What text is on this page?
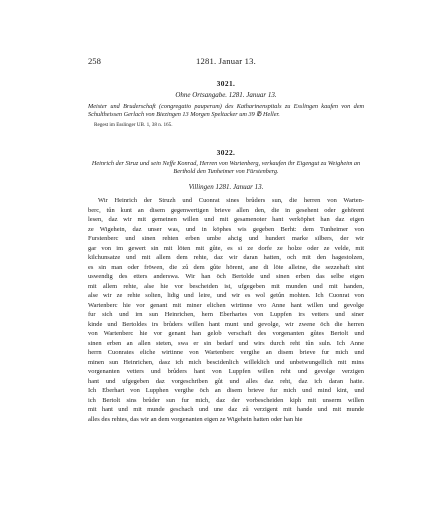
258	1281. Januar 13.
3021.
Ohne Ortsangabe. 1281. Januar 13.
Meister und Bruderschaft (congregatio pauperum) des Katharinenspitals zu Esslingen kaufen von dem Schultheissen Gerlach von Biezingen 13 Morgen Speltacker um 39 ℔ Heller.
Regest im Esslinger UB. 1, 38 n. 165.
3022.
Heinrich der Struz und sein Neffe Konrad, Herren von Wartenberg, verkaufen ihr Eigengut zu Weigheim an Berthold den Tunheimer von Fürstenberg.
Villingen 1281. Januar 13.
Wir Heinrich der Struzh und Cuonrat sines brůders sun, die herren von Warten-
berc, tůn kunt an disem gegenwertigen brieve allen den, die in gesehent oder gehörent
lesen, daz wir mit gemeinen willen und mit gesamenoter hant verköphet han daz eigen
ze Wigehein, daz unser was, und in köphes wis gegeben Berht: dem Tunheimer von
Furstenberc und sinen rehten erben umbe ahcig und hundert marke silbers, der wir
gar von im gewert sin mit löten mit gůte, es si ze dorfe ze holze oder ze velde, mit
kilchunsatze und mit allem dem rehte, daz wir daran hatten, och mit den hagestolzen,
es sin man oder fröwen, die zů dem gůte hörent, ane di löte alleine, die sezzehaft sint
uswendig des etters anderswa. Wir han öch Bertolde und sinen erben das selbe eigen
mit allem rehte, alse hie vor bescheiden ist, ufgegeben mit munden und mit handen,
alse wir ze rehte solten, lidig und leire, und wir es wol getůn mohten. Ich Cuonrat von
Wartenberc hie vor genant mit miner elichen wirtinne vro Anne hant willen und gevolge
fur sich und irn sun Heinrichen, hern Eberhartes von Luppfen irs vetters und siner
kinde und Bertoldes irs brůders willen hant munt und gevolge, wir zwene öch die herren
von Wartenberc hie vor genant han gelob verschaft des vorgenanten gůtes Bertolt und
sinen erben an allen steten, swa er sin bedarf und wirs durch reht tůn suln. Ich Anne
herrn Cuonrates eliche wirtinne von Wartenberc vergihe an disem brieve fur mich und
minen sun Heinrichen, dasz ich mich bescidenlich willeklich und unbetwungellich mit mins
vorgenanten vetters und brůders hant von Luppfen willen reht und gevolge verzigen
hant und ufgegeben daz vorgeschriben gůt und alles daz reht, daz ich daran hatte.
Ich Eberhart von Lupphen vergihe öch an disem brieve fur mich und mind kint, und
ich Bertolt sins brůder sun fur mich, daz der vorbescheiden kiph mit unserm willen
mit hant und mit munde geschach und une daz zů verzigent mit hande und mit munde
alles des rehtes, das wir an dem vorgenanten eigen ze Wigehein hatten oder han hie
